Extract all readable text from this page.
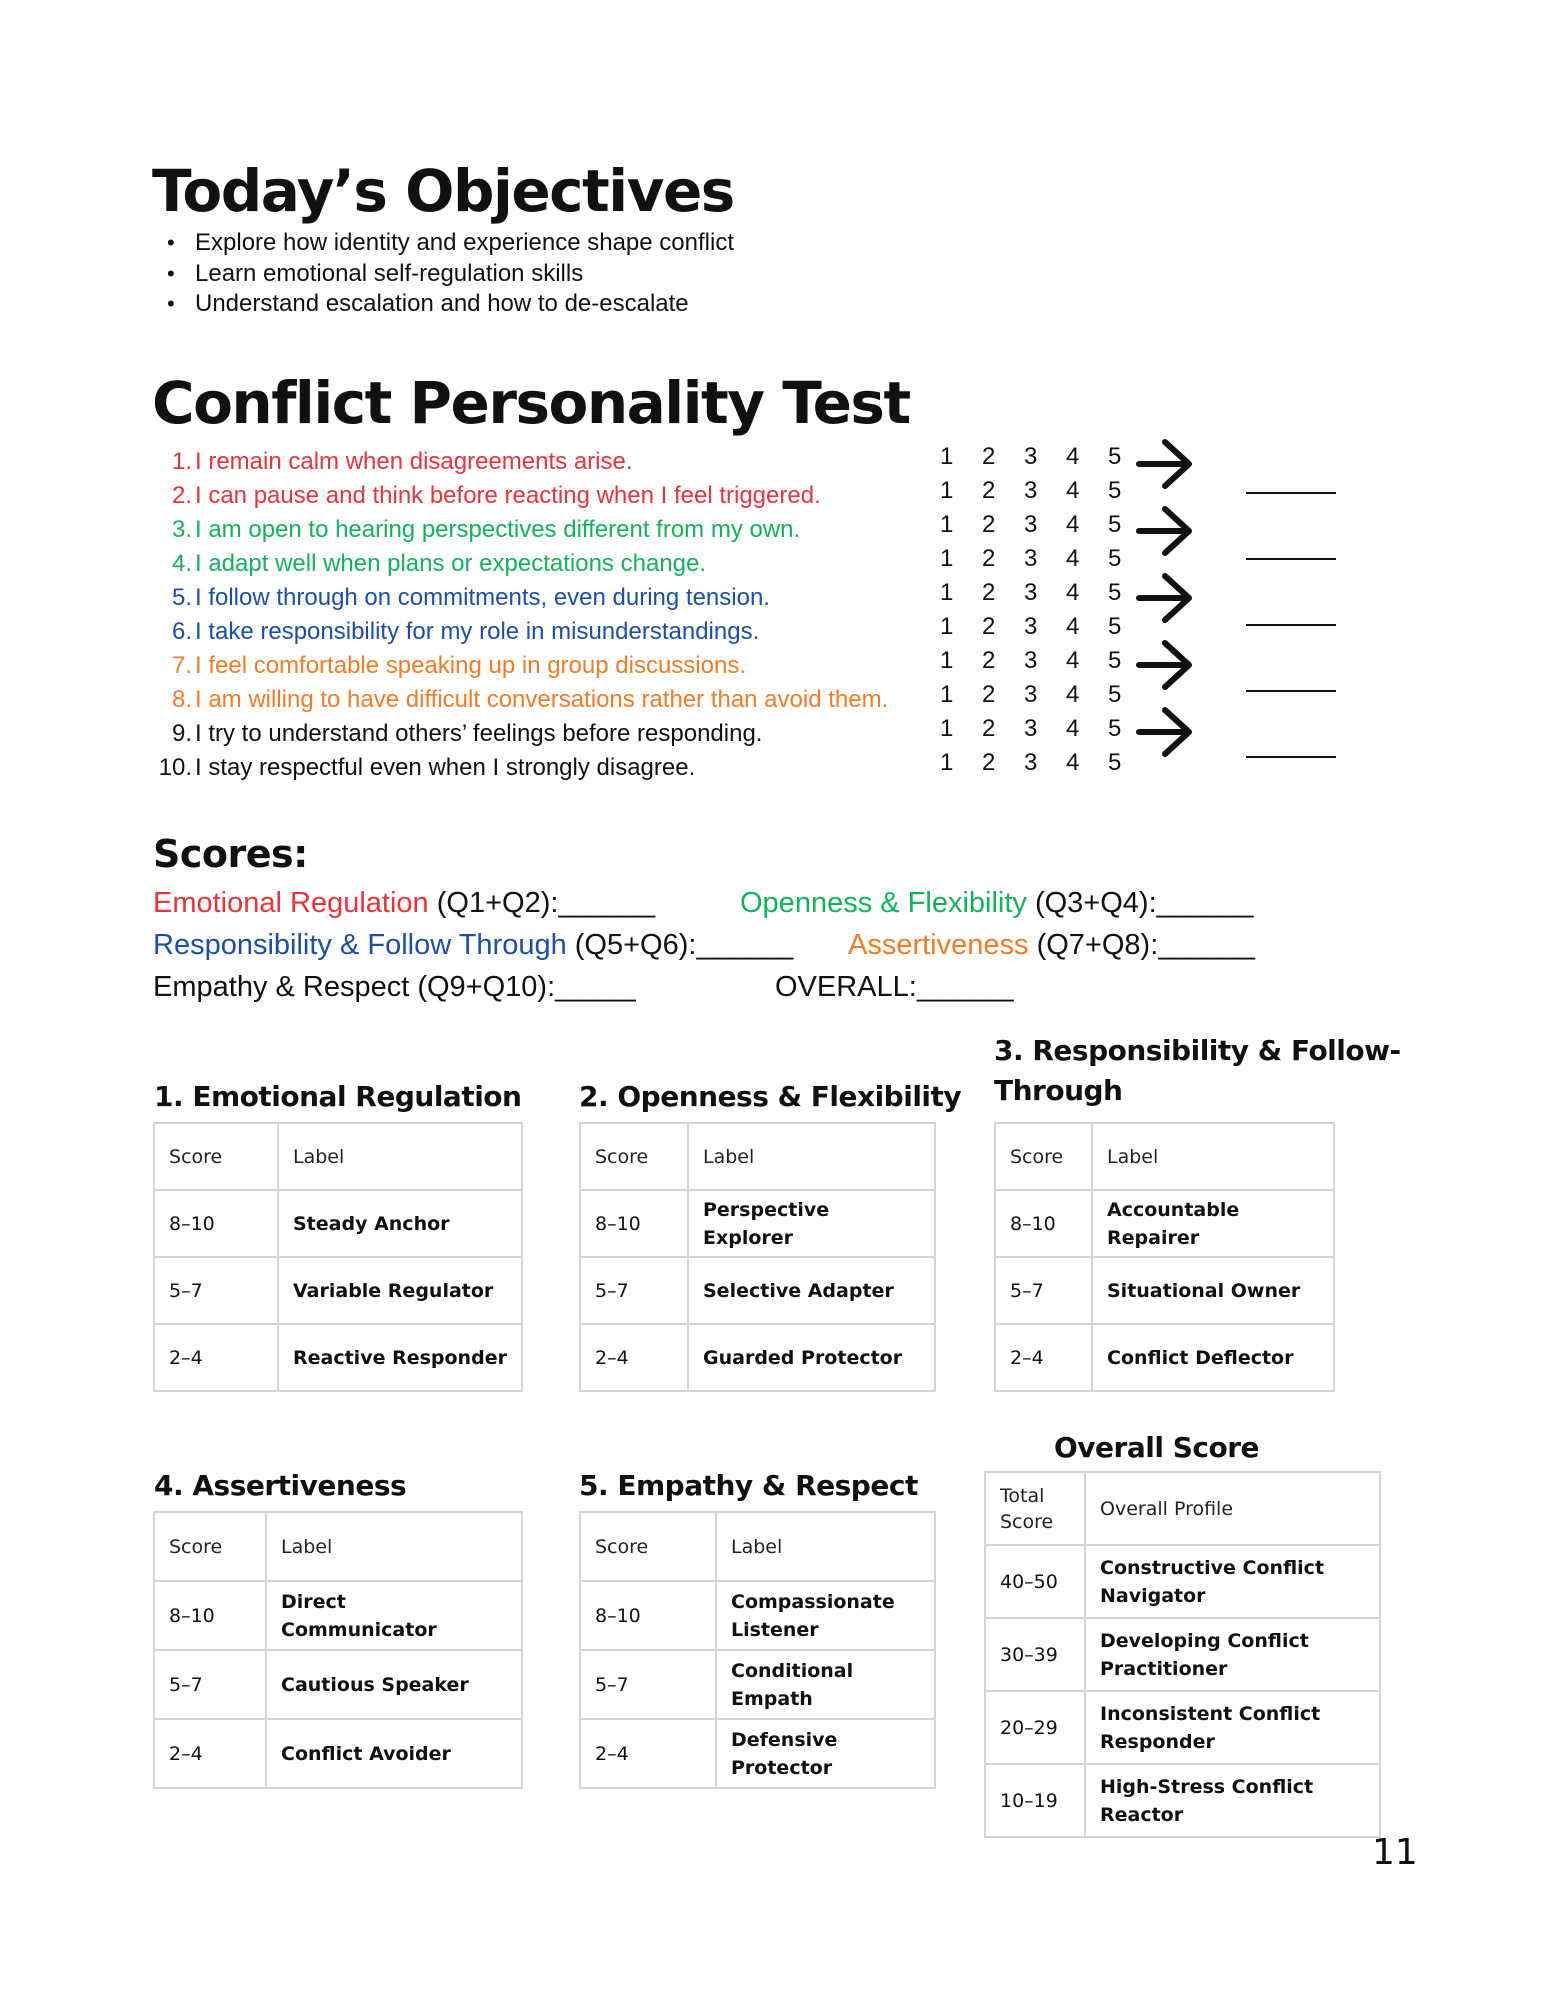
Today’s Objectives
• Explore how identity and experience shape conflict
• Learn emotional self-regulation skills
• Understand escalation and how to de-escalate
Conflict Personality Test
1. I remain calm when disagreements arise.
2. I can pause and think before reacting when I feel triggered.
3. I am open to hearing perspectives different from my own.
4. I adapt well when plans or expectations change.
5. I follow through on commitments, even during tension.
6. I take responsibility for my role in misunderstandings.
7. I feel comfortable speaking up in group discussions.
8. I am willing to have difficult conversations rather than avoid them.
9. I try to understand others’ feelings before responding.
10. I stay respectful even when I strongly disagree.
1	2	3	4	5
1	2	3	4	5
1	2	3	4	5
1	2	3	4	5
1	2	3	4	5
1	2	3	4	5
1	2	3	4	5
1	2	3	4	5
1	2	3	4	5
1	2	3	4	5
Scores:
Emotional Regulation (Q1+Q2):______	Openness & Flexibility (Q3+Q4):______
Responsibility & Follow Through (Q5+Q6):______ Assertiveness (Q7+Q8):______
Empathy & Respect (Q9+Q10):_____	OVERALL:______
1. Emotional Regulation
Score	Label
8–10	Steady Anchor
5–7	Variable Regulator
2–4	Reactive Responder
2. Openness & Flexibility
Score	Label
8–10	Perspective Explorer
5–7	Selective Adapter
2–4	Guarded Protector
3. Responsibility & Follow-
Through
Score	Label
8–10	Accountable Repairer
5–7	Situational Owner
2–4	Conflict Deflector
4. Assertiveness
Score	Label
8–10	Direct Communicator
5–7	Cautious Speaker
2–4	Conflict Avoider
5. Empathy & Respect
Score	Label
8–10	Compassionate Listener
5–7	Conditional Empath
2–4	Defensive Protector
Overall Score
Total Score	Overall Profile
40–50	Constructive Conflict Navigator
30–39	Developing Conflict Practitioner
20–29	Inconsistent Conflict Responder
10–19	High-Stress Conflict Reactor
11
